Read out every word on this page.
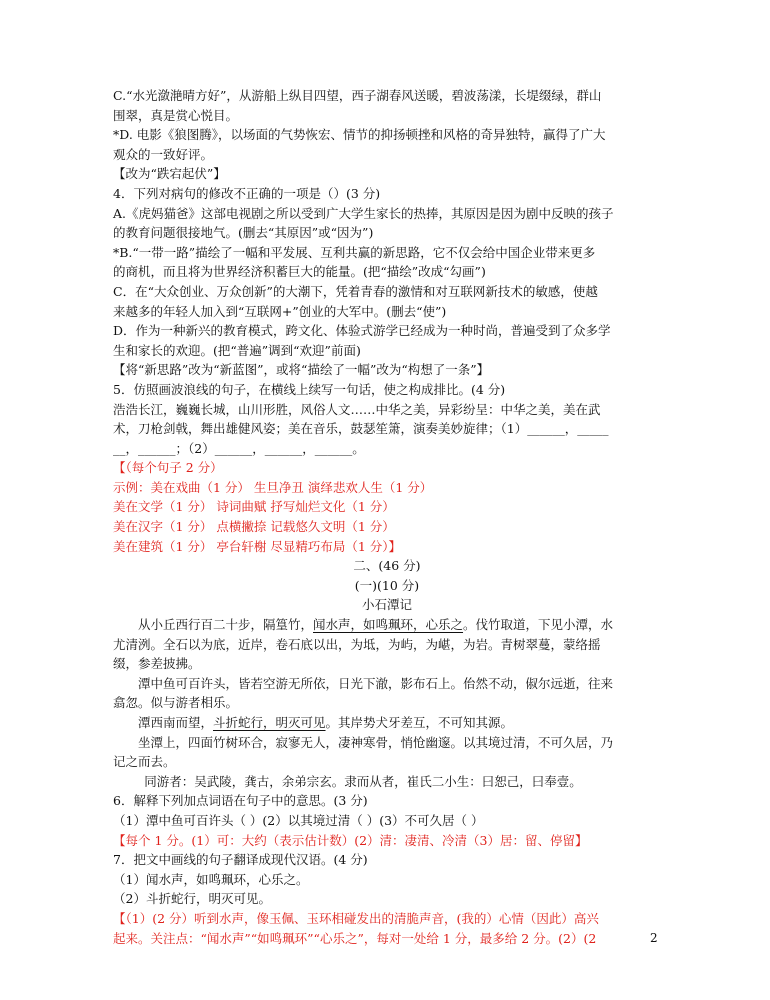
C.“水光潋滟晴方好”，从游船上纵目四望，西子湖春风送暖，碧波荡漾，长堤缀绿，群山

围翠，真是赏心悦目。

*D. 电影《狼图腾》，以场面的气势恢宏、情节的抑扬顿挫和风格的奇异独特，赢得了广大

观众的一致好评。

【改为“跌宕起伏”】

4．下列对病句的修改不正确的一项是（）(3 分)

A.《虎妈猫爸》这部电视剧之所以受到广大学生家长的热捧，其原因是因为剧中反映的孩子

的教育问题很接地气。(删去“其原因”或“因为”)

*B.“一带一路”描绘了一幅和平发展、互利共赢的新思路，它不仅会给中国企业带来更多

的商机，而且将为世界经济积蓄巨大的能量。(把“描绘”改成“勾画”)

C．在“大众创业、万众创新”的大潮下，凭着青春的激情和对互联网新技术的敏感，使越

来越多的年轻人加入到“互联网+”创业的大军中。(删去“使”)

D．作为一种新兴的教育模式，跨文化、体验式游学已经成为一种时尚，普遍受到了众多学

生和家长的欢迎。(把“普遍”调到“欢迎”前面)

【将“新思路”改为“新蓝图”，或将“描绘了一幅”改为“构想了一条”】

5．仿照画波浪线的句子，在横线上续写一句话，使之构成排比。(4 分)

浩浩长江，巍巍长城，山川形胜，风俗人文……中华之美，异彩纷呈：中华之美，美在武

术，刀枪剑戟，舞出雄健风姿；美在音乐，鼓瑟笙箫，演奏美妙旋律；（1）______，_____

__，______；（2）______，______，______。

【（每个句子 2 分）

示例：美在戏曲（1 分） 生旦净丑 演绎悲欢人生（1 分）

美在文学（1 分） 诗词曲赋 抒写灿烂文化（1 分）

美在汉字（1 分） 点横撇捺 记载悠久文明（1 分）

美在建筑（1 分） 亭台轩榭 尽显精巧布局（1 分）】

二、(46 分)

(一)(10 分)

小石潭记

从小丘西行百二十步，隔篁竹，闻水声，如鸣珮环，心乐之。伐竹取道，下见小潭，水

尤清洌。全石以为底，近岸，卷石底以出，为坻，为屿，为嵁，为岩。青树翠蔓，蒙络摇

缀，参差披拂。

潭中鱼可百许头，皆若空游无所依，日光下澈，影布石上。佁然不动，俶尔远逝，往来

翕忽。似与游者相乐。

潭西南而望，斗折蛇行，明灭可见。其岸势犬牙差互，不可知其源。

坐潭上，四面竹树环合，寂寥无人，凄神寒骨，悄怆幽邃。以其境过清，不可久居，乃

记之而去。

同游者：吴武陵，龚古，余弟宗玄。隶而从者，崔氏二小生：曰恕己，曰奉壹。

6．解释下列加点词语在句子中的意思。(3 分)

（1）潭中鱼可百许头（ ）(2）以其境过清（ ）(3）不可久居（ ）

【每个 1 分。(1）可：大约（表示估计数）(2）清：凄清、冷清（3）居：留、停留】

7．把文中画线的句子翻译成现代汉语。(4 分)

（1）闻水声，如鸣珮环，心乐之。

（2）斗折蛇行，明灭可见。

【（1）(2 分）听到水声，像玉佩、玉环相碰发出的清脆声音，(我的）心情（因此）高兴

起来。关注点：“闻水声”“如鸣珮环”“心乐之”，每对一处给 1 分，最多给 2 分。(2）(2	2
